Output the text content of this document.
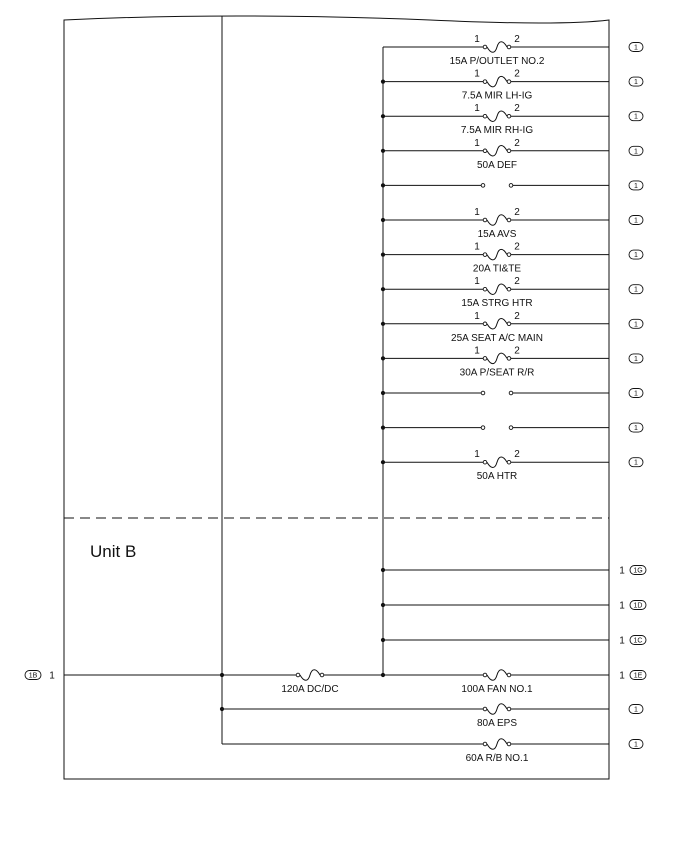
1	2
15A P/OUTLET NO.2
1	2
7.5A MIR LH-IG
1	2
7.5A MIR RH-IG
1	2
50A DEF
1	2
15A AVS
1	2
20A TI&TE
1	2
15A STRG HTR
1	2
25A SEAT A/C MAIN
1	2
30A P/SEAT R/R
1	2
50A HTR
1
1
1
100A FAN NO.1
1
80A EPS
60A R/B NO.1
1
120A DC/DC
1
1
1
1
1
1
1
1
1
1
1
1
1
1G
1D
1C
1E
1
1
1B
Unit B
